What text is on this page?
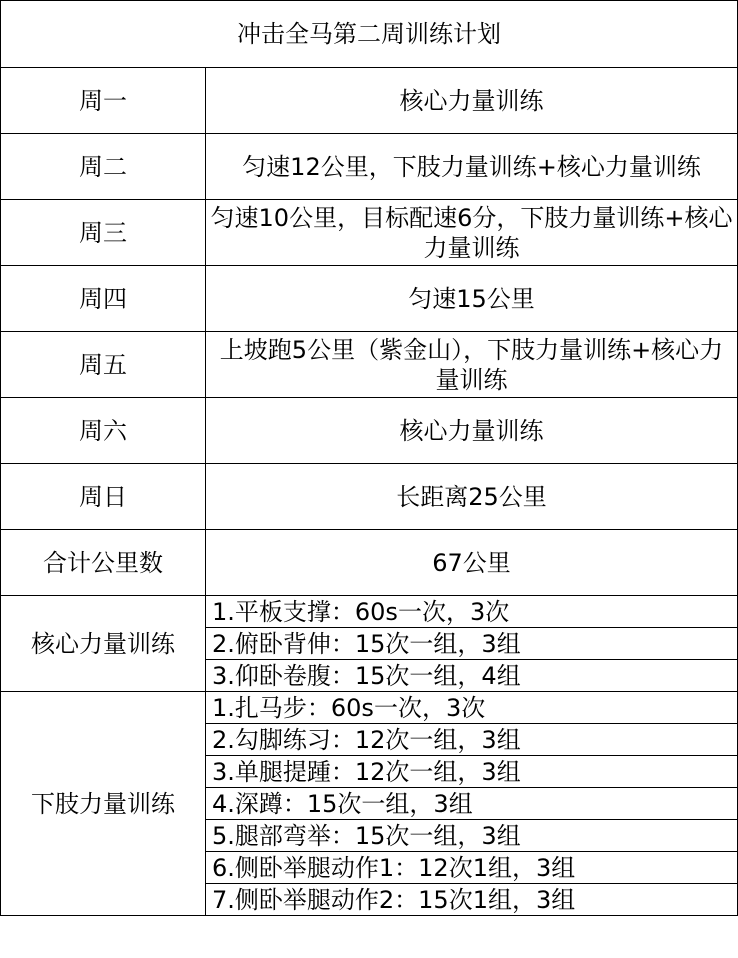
冲击全马第二周训练计划	
周一	核心力量训练
周二	匀速12公里，下肢力量训练+核心力量训练
周三	匀速10公里，目标配速6分，下肢力量训练+核心力量训练
周四	匀速15公里
周五	上坡跑5公里（紫金山），下肢力量训练+核心力量训练
周六	核心力量训练
周日	长距离25公里
合计公里数	67公里
核心力量训练	1.平板支撑：60s一次，3次
	2.俯卧背伸：15次一组，3组
	3.仰卧卷腹：15次一组，4组
下肢力量训练	1.扎马步：60s一次，3次
	2.勾脚练习：12次一组，3组
	3.单腿提踵：12次一组，3组
	4.深蹲：15次一组，3组
	5.腿部弯举：15次一组，3组
	6.侧卧举腿动作1：12次1组，3组
	7.侧卧举腿动作2：15次1组，3组
